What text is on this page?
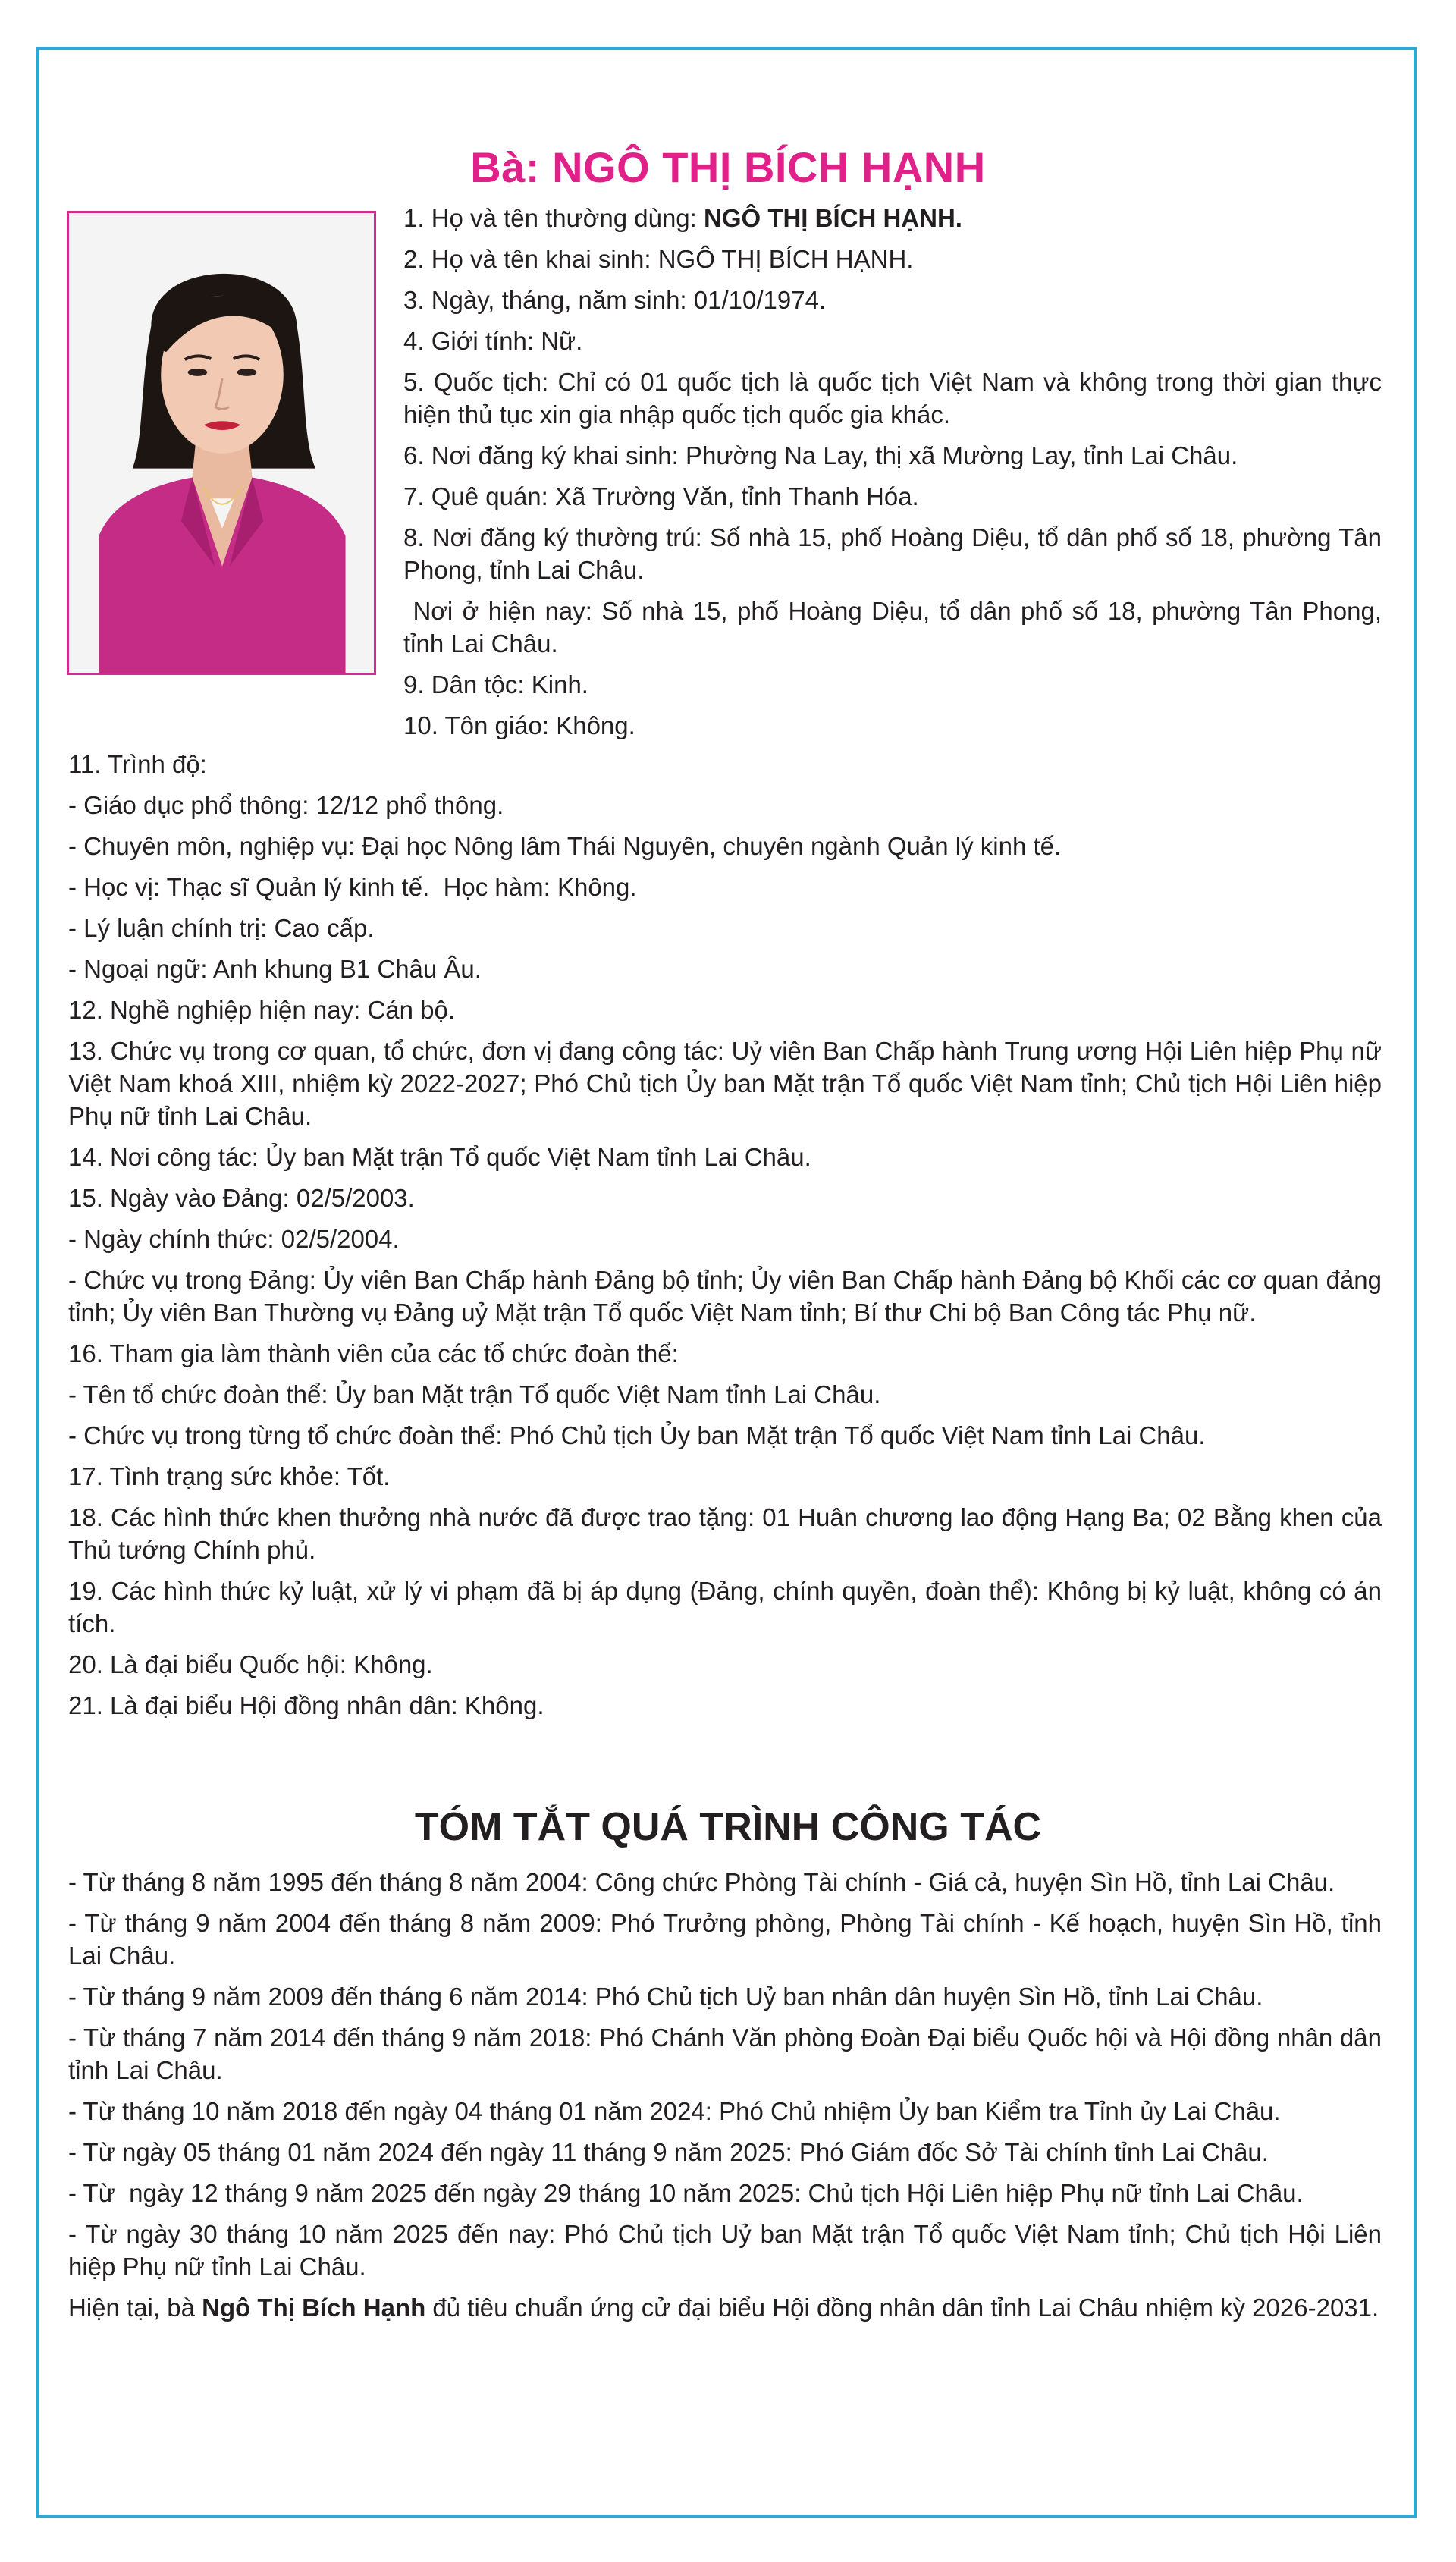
Bà: NGÔ THỊ BÍCH HẠNH

1. Họ và tên thường dùng: NGÔ THỊ BÍCH HẠNH.

2. Họ và tên khai sinh: NGÔ THỊ BÍCH HẠNH.

3. Ngày, tháng, năm sinh: 01/10/1974.

4. Giới tính: Nữ.

5. Quốc tịch: Chỉ có 01 quốc tịch là quốc tịch Việt Nam và không trong thời gian thực hiện thủ tục xin gia nhập quốc tịch quốc gia khác.

6. Nơi đăng ký khai sinh: Phường Na Lay, thị xã Mường Lay, tỉnh Lai Châu.

7. Quê quán: Xã Trường Văn, tỉnh Thanh Hóa.

8. Nơi đăng ký thường trú: Số nhà 15, phố Hoàng Diệu, tổ dân phố số 18, phường Tân Phong, tỉnh Lai Châu.

Nơi ở hiện nay: Số nhà 15, phố Hoàng Diệu, tổ dân phố số 18, phường Tân Phong, tỉnh Lai Châu.

9. Dân tộc: Kinh.

10. Tôn giáo: Không.

11. Trình độ:

- Giáo dục phổ thông: 12/12 phổ thông.

- Chuyên môn, nghiệp vụ: Đại học Nông lâm Thái Nguyên, chuyên ngành Quản lý kinh tế.

- Học vị: Thạc sĩ Quản lý kinh tế.  Học hàm: Không.

- Lý luận chính trị: Cao cấp.

- Ngoại ngữ: Anh khung B1 Châu Âu.

12. Nghề nghiệp hiện nay: Cán bộ.

13. Chức vụ trong cơ quan, tổ chức, đơn vị đang công tác: Uỷ viên Ban Chấp hành Trung ương Hội Liên hiệp Phụ nữ Việt Nam khoá XIII, nhiệm kỳ 2022-2027; Phó Chủ tịch Ủy ban Mặt trận Tổ quốc Việt Nam tỉnh; Chủ tịch Hội Liên hiệp Phụ nữ tỉnh Lai Châu.

14. Nơi công tác: Ủy ban Mặt trận Tổ quốc Việt Nam tỉnh Lai Châu.

15. Ngày vào Đảng: 02/5/2003.

- Ngày chính thức: 02/5/2004.

- Chức vụ trong Đảng: Ủy viên Ban Chấp hành Đảng bộ tỉnh; Ủy viên Ban Chấp hành Đảng bộ Khối các cơ quan đảng tỉnh; Ủy viên Ban Thường vụ Đảng uỷ Mặt trận Tổ quốc Việt Nam tỉnh; Bí thư Chi bộ Ban Công tác Phụ nữ.

16. Tham gia làm thành viên của các tổ chức đoàn thể:

- Tên tổ chức đoàn thể: Ủy ban Mặt trận Tổ quốc Việt Nam tỉnh Lai Châu.

- Chức vụ trong từng tổ chức đoàn thể: Phó Chủ tịch Ủy ban Mặt trận Tổ quốc Việt Nam tỉnh Lai Châu.

17. Tình trạng sức khỏe: Tốt.

18. Các hình thức khen thưởng nhà nước đã được trao tặng: 01 Huân chương lao động Hạng Ba; 02 Bằng khen của Thủ tướng Chính phủ.

19. Các hình thức kỷ luật, xử lý vi phạm đã bị áp dụng (Đảng, chính quyền, đoàn thể): Không bị kỷ luật, không có án tích.

20. Là đại biểu Quốc hội: Không.

21. Là đại biểu Hội đồng nhân dân: Không.

TÓM TẮT QUÁ TRÌNH CÔNG TÁC

- Từ tháng 8 năm 1995 đến tháng 8 năm 2004: Công chức Phòng Tài chính - Giá cả, huyện Sìn Hồ, tỉnh Lai Châu.

- Từ tháng 9 năm 2004 đến tháng 8 năm 2009: Phó Trưởng phòng, Phòng Tài chính - Kế hoạch, huyện Sìn Hồ, tỉnh Lai Châu.

- Từ tháng 9 năm 2009 đến tháng 6 năm 2014: Phó Chủ tịch Uỷ ban nhân dân huyện Sìn Hồ, tỉnh Lai Châu.

- Từ tháng 7 năm 2014 đến tháng 9 năm 2018: Phó Chánh Văn phòng Đoàn Đại biểu Quốc hội và Hội đồng nhân dân tỉnh Lai Châu.

- Từ tháng 10 năm 2018 đến ngày 04 tháng 01 năm 2024: Phó Chủ nhiệm Ủy ban Kiểm tra Tỉnh ủy Lai Châu.

- Từ ngày 05 tháng 01 năm 2024 đến ngày 11 tháng 9 năm 2025: Phó Giám đốc Sở Tài chính tỉnh Lai Châu.

- Từ  ngày 12 tháng 9 năm 2025 đến ngày 29 tháng 10 năm 2025: Chủ tịch Hội Liên hiệp Phụ nữ tỉnh Lai Châu.

- Từ ngày 30 tháng 10 năm 2025 đến nay: Phó Chủ tịch Uỷ ban Mặt trận Tổ quốc Việt Nam tỉnh; Chủ tịch Hội Liên hiệp Phụ nữ tỉnh Lai Châu.

Hiện tại, bà Ngô Thị Bích Hạnh đủ tiêu chuẩn ứng cử đại biểu Hội đồng nhân dân tỉnh Lai Châu nhiệm kỳ 2026-2031.
